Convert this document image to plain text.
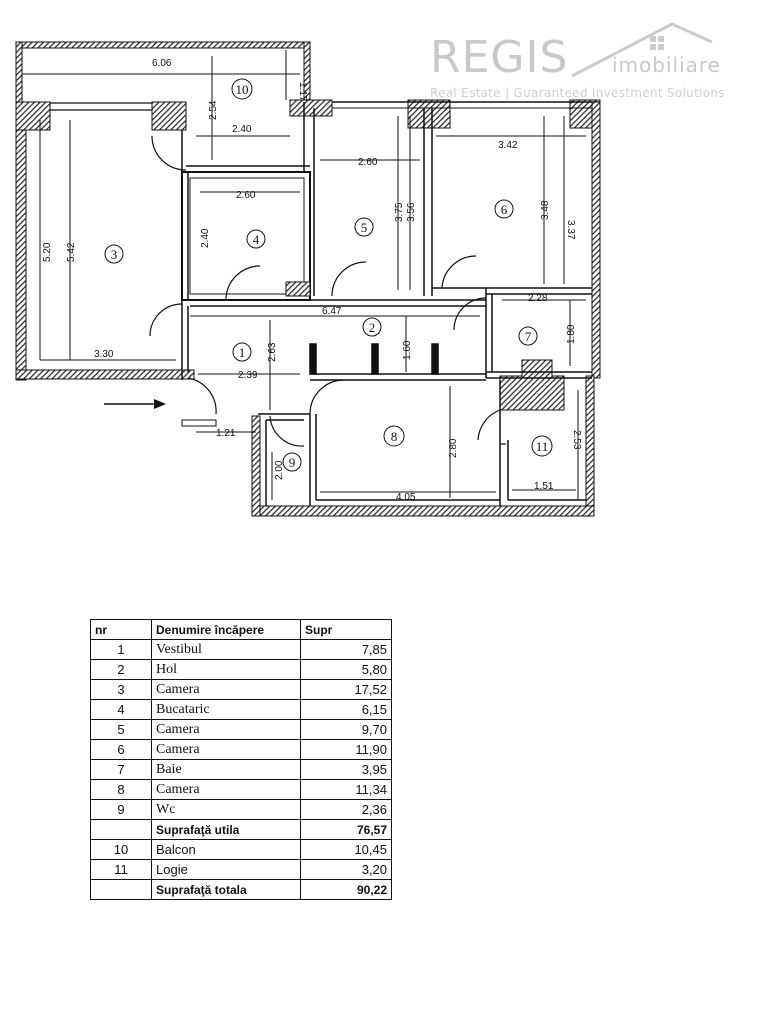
REGIS imobiliare
Real Estate | Guaranteed Investment Solutions
6.06
1.17
2.54
2.40
5.20 5.42
3.30
2.60
2.40
2.60
3.75 3.56
3.42
3.48
3.37
6.47
1.60
2.28
1.80
2.63
2.39
1.21
2.00
4.05
2.80	2.53
1.51
10
3
4
5
6
2
1
7
8
11
9
nr	Denumire încăpere	Supr
1	Vestibul	7,85
2	Hol	5,80
3	Camera	17,52
4	Bucataric	6,15
5	Camera	9,70
6	Camera	11,90
7	Baie	3,95
8	Camera	11,34
9	Wc	2,36
	Suprafaţă utila	76,57
10	Balcon	10,45
11	Logie	3,20
	Suprafaţă totala	90,22
